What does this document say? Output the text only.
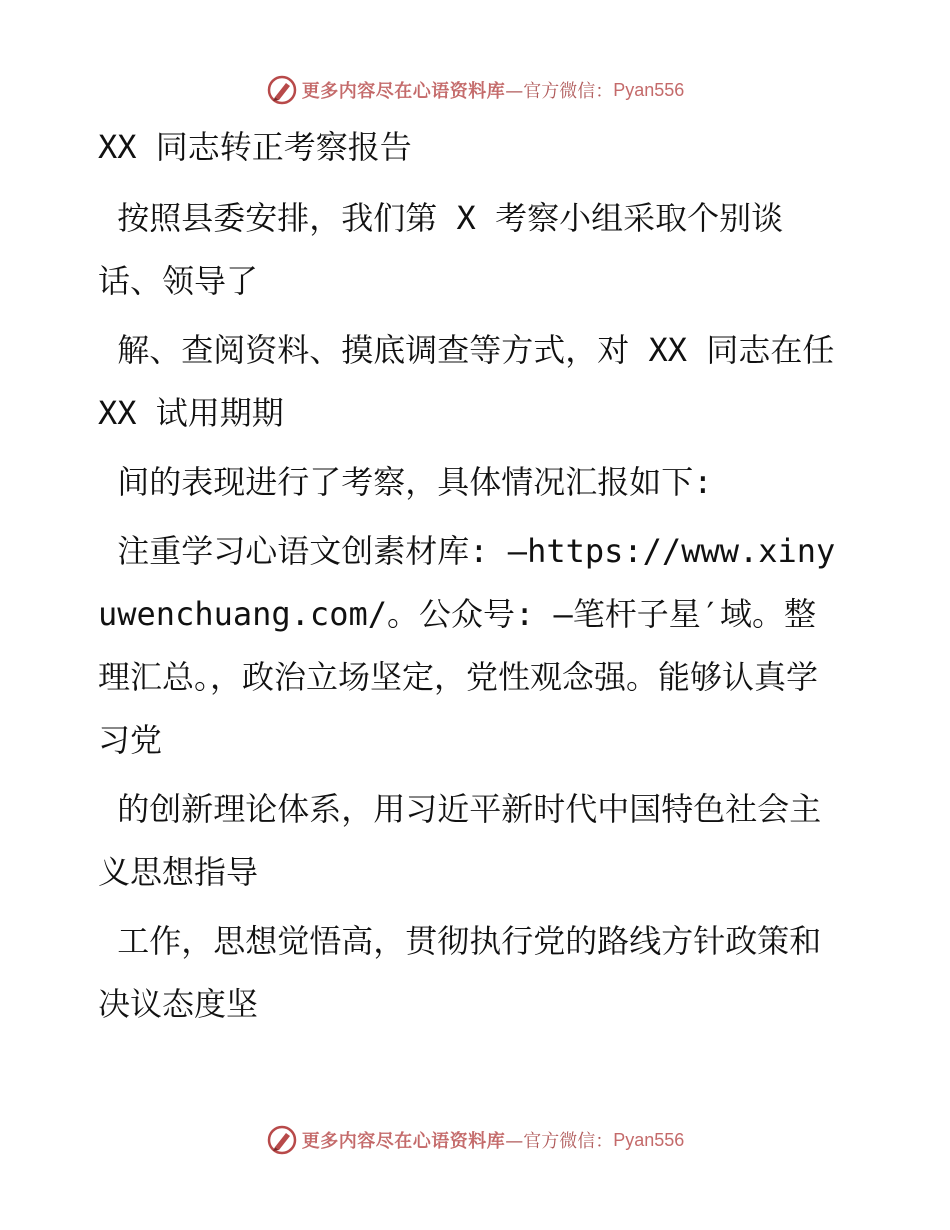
更多内容尽在心语资料库 —官方微信： Pyan556
XX 同志转正考察报告

按照县委安排，我们第 X 考察小组采取个别谈话、领导了

解、查阅资料、摸底调查等方式，对 XX 同志在任 XX 试用期期

间的表现进行了考察，具体情况汇报如下:

注重学习心语文创素材库: —https://www.xinyuwenchuang.com/。公众号: —笔杆子星′域。整理汇总。，政治立场坚定，党性观念强。能够认真学习党

的创新理论体系，用习近平新时代中国特色社会主义思想指导

工作，思想觉悟高，贯彻执行党的路线方针政策和决议态度坚

更多内容尽在心语资料库 —官方微信： Pyan556
